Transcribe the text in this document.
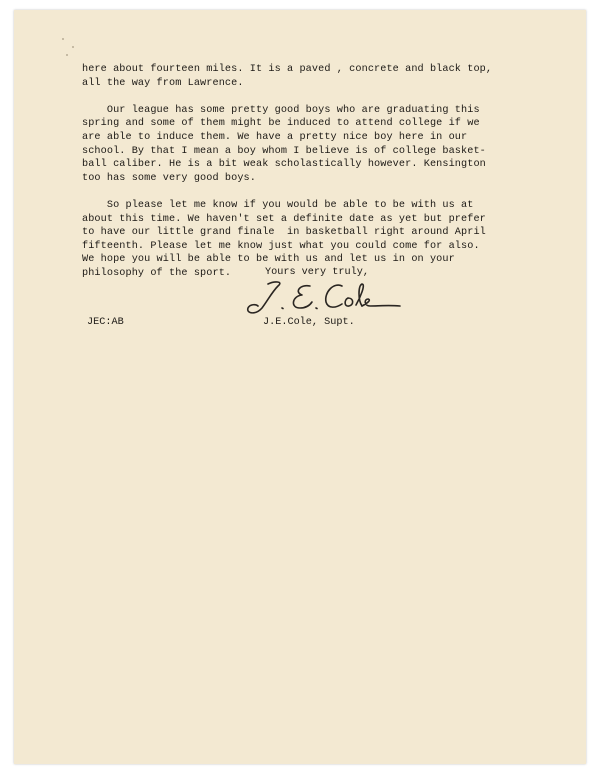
here about fourteen miles. It is a paved , concrete and black top,
all the way from Lawrence.
Our league has some pretty good boys who are graduating this
spring and some of them might be induced to attend college if we
are able to induce them. We have a pretty nice boy here in our
school. By that I mean a boy whom I believe is of college basket-
ball caliber. He is a bit weak scholastically however. Kensington
too has some very good boys.
So please let me know if you would be able to be with us at
about this time. We haven't set a definite date as yet but prefer
to have our little grand finale  in basketball right around April
fifteenth. Please let me know just what you could come for also.
We hope you will be able to be with us and let us in on your
philosophy of the sport.	Yours very truly,
J.E.Cole, Supt.
JEC:AB
